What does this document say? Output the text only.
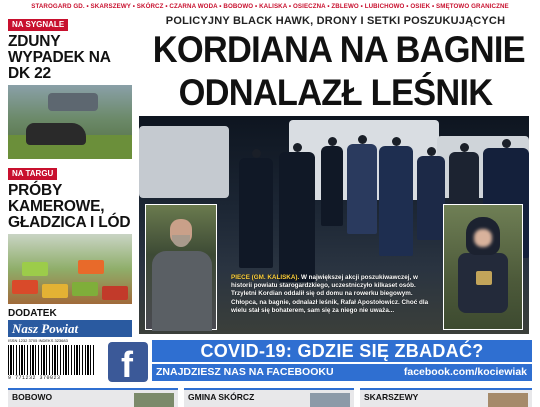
STAROGARD GD. • SKARSZEWY • SKÓRCZ • CZARNA WODA • BOBOWO • KALISKA • OSIECZNA • ZBLEWO • LUBICHOWO • OSIEK • SMĘTOWO GRANICZNE
NA SYGNALE
ZDUNY WYPADEK NA DK 22
NA TARGU
PRÓBY KAMEROWE, GŁADZICA I LÓD
DODATEK
Nasz Powiat
POLICYJNY BLACK HAWK, DRONY I SETKI POSZUKUJĄCYCH
KORDIANA NA BAGNIE
ODNALAZŁ LEŚNIK
PIECE (GM. KALISKA). W największej akcji poszukiwawczej, w historii powiatu starogardzkiego, uczestniczyło kilkaset osób. Trzyletni Kordian oddalił się od domu na rowerku biegowym. Chłopca, na bagnie, odnalazł leśnik, Rafał Apostołowicz. Choć dla wielu stał się bohaterem, sam się za niego nie uważa...
ISSN 1232 3705 INDEKS 323683
9 771232 370023	f	COVID-19: GDZIE SIĘ ZBADAĆ?
ZNAJDZIESZ NAS NA FACEBOOKU	facebook.com/kociewiak
BOBOWO	GMINA SKÓRCZ	SKARSZEWY
